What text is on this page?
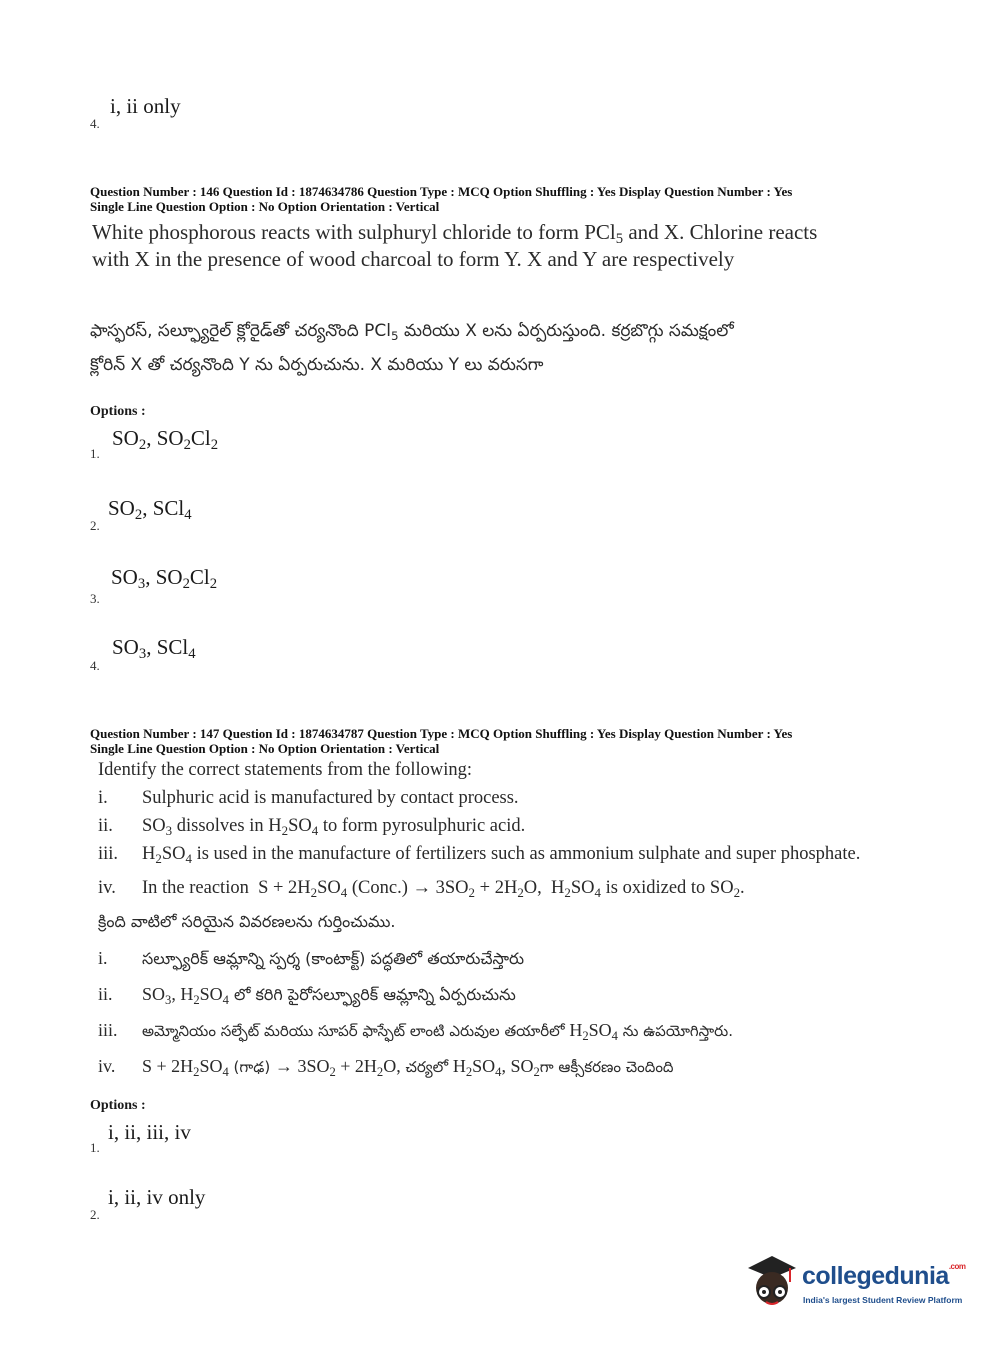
4.
i, ii only
Question Number : 146 Question Id : 1874634786 Question Type : MCQ Option Shuffling : Yes Display Question Number : Yes
Single Line Question Option : No Option Orientation : Vertical
White phosphorous reacts with sulphuryl chloride to form PCl$_5$ and X. Chlorine reacts
with X in the presence of wood charcoal to form Y. X and Y are respectively
ఫాస్ఫరస్, సల్ఫ్యూరైల్ క్లోరైడ్‌తో చర్యనొంది PCl$_5$ మరియు X లను ఏర్పరుస్తుంది. కర్రబొగ్గు సమక్షంలో
క్లోరిన్ X తో చర్యనొంది Y ను ఏర్పరుచును. X మరియు Y లు వరుసగా
Options :
1.
$SO_2$, $SO_2Cl_2$
2.
$SO_2$, SCl$_4$
3.
$SO_3$, $SO_2Cl_2$
4.
$SO_3$, SCl$_4$
Question Number : 147 Question Id : 1874634787 Question Type : MCQ Option Shuffling : Yes Display Question Number : Yes
Single Line Question Option : No Option Orientation : Vertical
Identify the correct statements from the following:
i. Sulphuric acid is manufactured by contact process.
ii. $SO_3$ dissolves in $H_2SO_4$ to form pyrosulphuric acid.
iii. $H_2SO_4$ is used in the manufacture of fertilizers such as ammonium sulphate and super phosphate.
iv. In the reaction  $S + 2H_2SO_4$ (Conc.) → $3SO_2 + 2H_2O$,  $H_2SO_4$ is oxidized to $SO_2$.
క్రింది వాటిలో సరియైన వివరణలను గుర్తించుము.
i. సల్ఫ్యూరిక్ ఆమ్లాన్ని స్పర్శ (కాంటాక్ట్) పద్ధతిలో తయారుచేస్తారు
ii. $SO_3$, $H_2SO_4$ లో కరిగి పైరోసల్ఫ్యూరిక్ ఆమ్లాన్ని ఏర్పరుచును
iii. అమ్మోనియం సల్ఫేట్ మరియు సూపర్ ఫాస్ఫేట్ లాంటి ఎరువుల తయారీలో $H_2SO_4$ ను ఉపయోగిస్తారు.
iv. $S + 2H_2SO_4$ (గాఢ) → $3SO_2 + 2H_2O$, చర్యలో $H_2SO_4$, $SO_2గా$ ఆక్సీకరణం చెందింది
Options :
1.
i, ii, iii, iv
2.
i, ii, iv only
collegedunia$^{.com}$
India's largest Student Review Platform
